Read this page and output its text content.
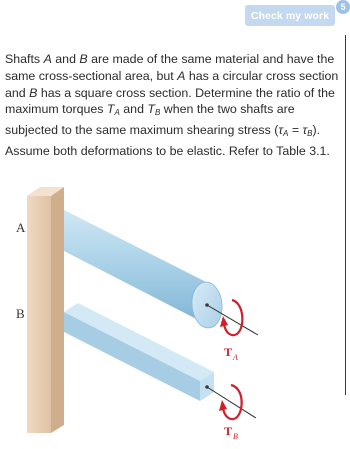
Check my work
5

Shafts A and B are made of the same material and have the same cross-sectional area, but A has a circular cross section and B has a square cross section. Determine the ratio of the maximum torques $T_A$ and $T_B$ when the two shafts are subjected to the same maximum shearing stress $(\tau_A = \tau_B)$. Assume both deformations to be elastic. Refer to Table 3.1.

A
B
T A
T B
